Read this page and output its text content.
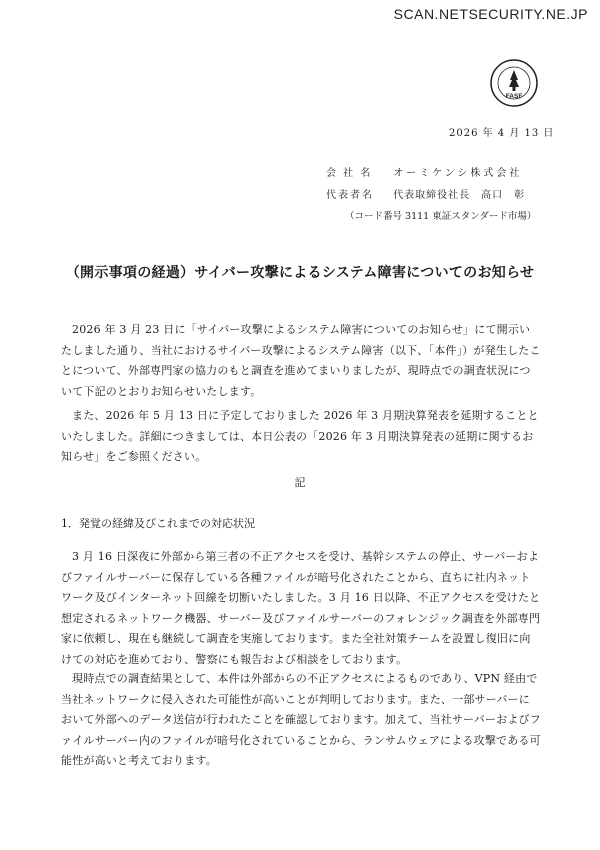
SCAN.NETSECURITY.NE.JP
FASF
2026 年 4 月 13 日
会 社 名 オーミケンシ株式会社
代表者名 代表取締役社長　高口　彰
（コード番号 3111 東証スタンダード市場）
（開示事項の経過）サイバー攻撃によるシステム障害についてのお知らせ

2026 年 3 月 23 日に「サイバー攻撃によるシステム障害についてのお知らせ」にて開示いたしました通り、当社におけるサイバー攻撃によるシステム障害（以下、「本件」）が発生したことについて、外部専門家の協力のもと調査を進めてまいりましたが、現時点での調査状況について下記のとおりお知らせいたします。

また、2026 年 5 月 13 日に予定しておりました 2026 年 3 月期決算発表を延期することといたしました。詳細につきましては、本日公表の「2026 年 3 月期決算発表の延期に関するお知らせ」をご参照ください。

記
1．発覚の経緯及びこれまでの対応状況

3 月 16 日深夜に外部から第三者の不正アクセスを受け、基幹システムの停止、サーバーおよびファイルサーバーに保存している各種ファイルが暗号化されたことから、直ちに社内ネットワーク及びインターネット回線を切断いたしました。3 月 16 日以降、不正アクセスを受けたと想定されるネットワーク機器、サーバー及びファイルサーバーのフォレンジック調査を外部専門家に依頼し、現在も継続して調査を実施しております。また全社対策チームを設置し復旧に向けての対応を進めており、警察にも報告および相談をしております。

現時点での調査結果として、本件は外部からの不正アクセスによるものであり、VPN 経由で当社ネットワークに侵入された可能性が高いことが判明しております。また、一部サーバーにおいて外部へのデータ送信が行われたことを確認しております。加えて、当社サーバーおよびファイルサーバー内のファイルが暗号化されていることから、ランサムウェアによる攻撃である可能性が高いと考えております。
